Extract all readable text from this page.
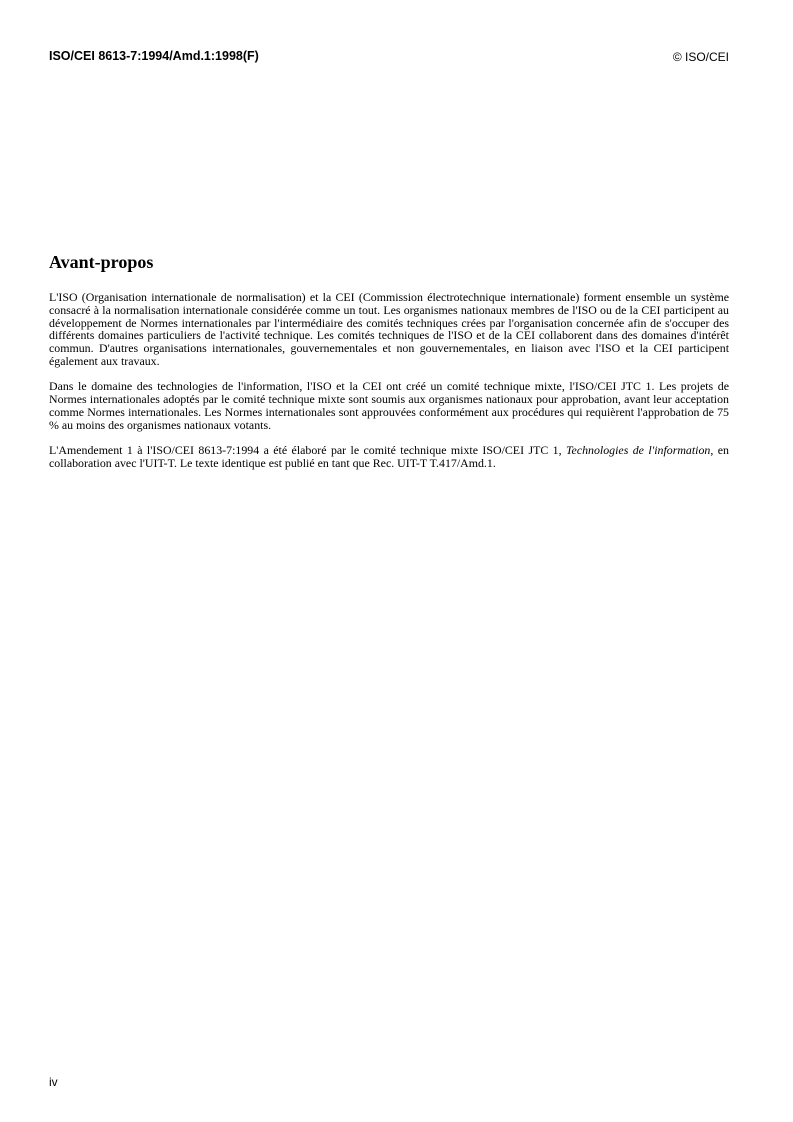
ISO/CEI 8613-7:1994/Amd.1:1998(F)	© ISO/CEI
Avant-propos

L'ISO (Organisation internationale de normalisation) et la CEI (Commission électrotechnique internationale) forment ensemble un système consacré à la normalisation internationale considérée comme un tout. Les organismes nationaux membres de l'ISO ou de la CEI participent au développement de Normes internationales par l'intermédiaire des comités techniques crées par l'organisation concernée afin de s'occuper des différents domaines particuliers de l'activité technique. Les comités techniques de l'ISO et de la CEI collaborent dans des domaines d'intérêt commun. D'autres organisations internationales, gouvernementales et non gouvernementales, en liaison avec l'ISO et la CEI participent également aux travaux.

Dans le domaine des technologies de l'information, l'ISO et la CEI ont créé un comité technique mixte, l'ISO/CEI JTC 1. Les projets de Normes internationales adoptés par le comité technique mixte sont soumis aux organismes nationaux pour approbation, avant leur acceptation comme Normes internationales. Les Normes internationales sont approuvées conformément aux procédures qui requièrent l'approbation de 75 % au moins des organismes nationaux votants.

L'Amendement 1 à l'ISO/CEI 8613-7:1994 a été élaboré par le comité technique mixte ISO/CEI JTC 1, Technologies de l'information, en collaboration avec l'UIT-T. Le texte identique est publié en tant que Rec. UIT-T T.417/Amd.1.

iv
